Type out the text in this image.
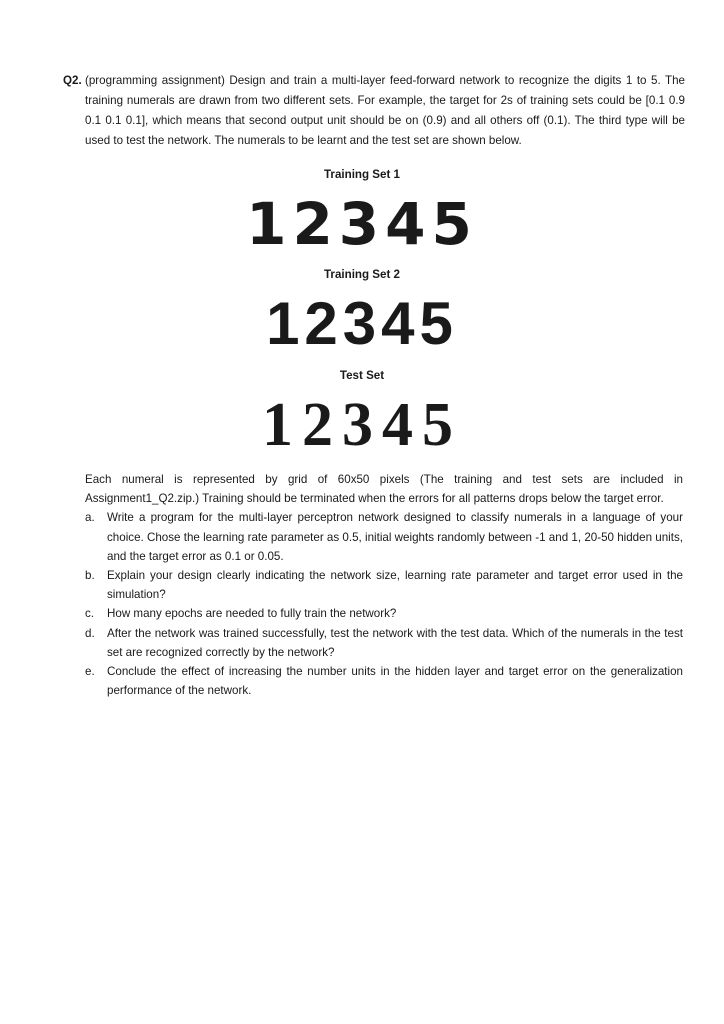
Q2. (programming assignment) Design and train a multi-layer feed-forward network to recognize the digits 1 to 5. The training numerals are drawn from two different sets. For example, the target for 2s of training sets could be [0.1 0.9 0.1 0.1 0.1], which means that second output unit should be on (0.9) and all others off (0.1). The third type will be used to test the network. The numerals to be learnt and the test set are shown below.
Training Set 1
12345
Training Set 2
12345
Test Set
12345

Each numeral is represented by grid of 60x50 pixels (The training and test sets are included in Assignment1_Q2.zip.) Training should be terminated when the errors for all patterns drops below the target error.

a.	Write a program for the multi-layer perceptron network designed to classify numerals in a language of your choice. Chose the learning rate parameter as 0.5, initial weights randomly between -1 and 1, 20-50 hidden units, and the target error as 0.1 or 0.05.
b.	Explain your design clearly indicating the network size, learning rate parameter and target error used in the simulation?
c.	How many epochs are needed to fully train the network?
d.	After the network was trained successfully, test the network with the test data. Which of the numerals in the test set are recognized correctly by the network?
e.	Conclude the effect of increasing the number units in the hidden layer and target error on the generalization performance of the network.
